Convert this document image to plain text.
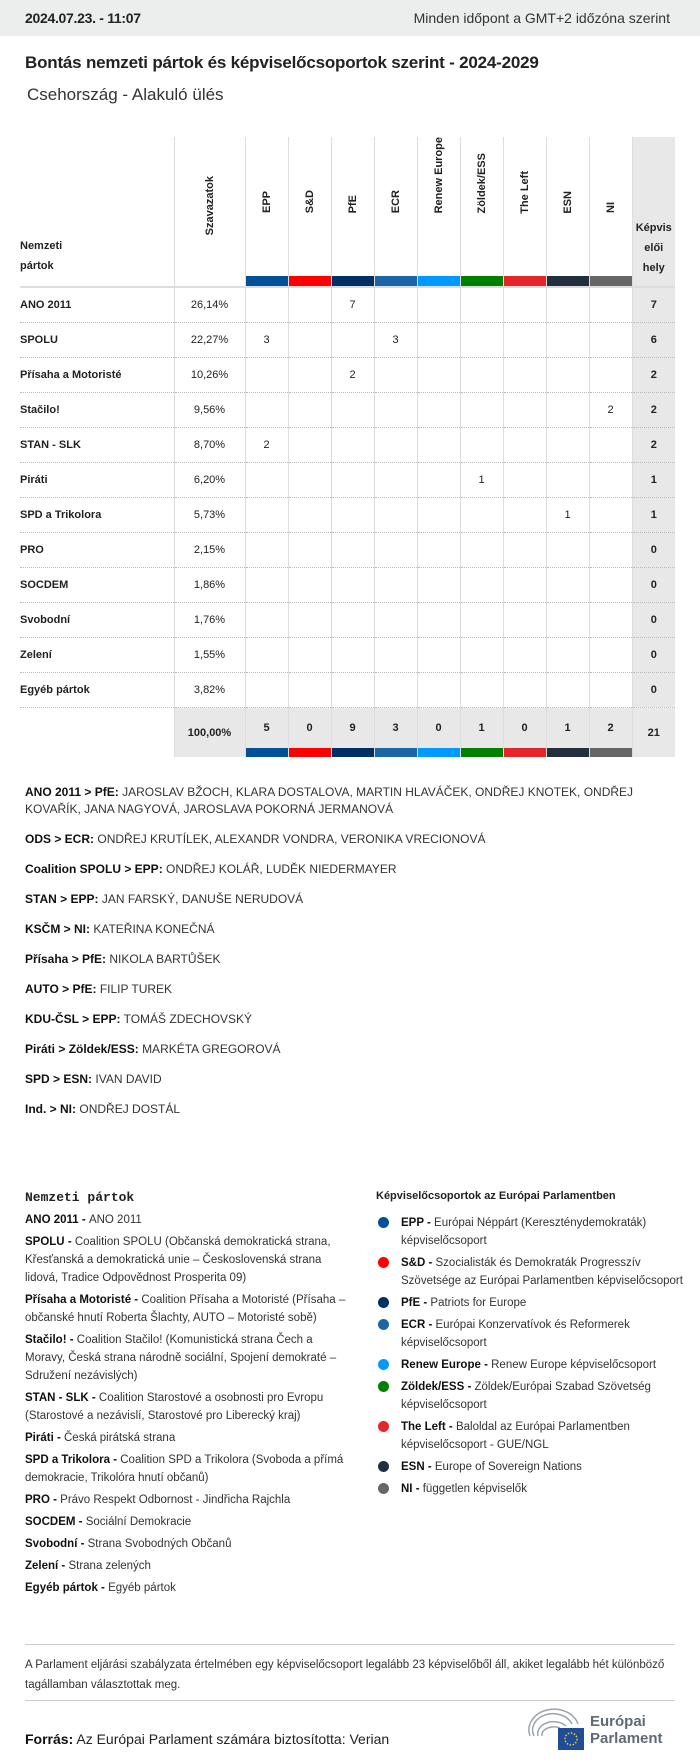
2024.07.23. - 11:07	Minden időpont a GMT+2 időzóna szerint
Bontás nemzeti pártok és képviselőcsoportok szerint - 2024-2029
Csehország - Alakuló ülés
Nemzeti
pártok	Szavazatok	EPP	S&D	PfE	ECR	Renew Europe	Zöldek/ESS	The Left	ESN	NI	Képvis
elői
hely

ANO 2011	26,14%			7							7
SPOLU	22,27%	3			3						6
Přísaha a Motoristé	10,26%			2							2
Stačilo!	9,56%									2	2
STAN - SLK	8,70%	2									2
Piráti	6,20%						1				1
SPD a Trikolora	5,73%								1		1
PRO	2,15%										0
SOCDEM	1,86%										0
Svobodní	1,76%										0
Zelení	1,55%										0
Egyéb pártok	3,82%										0
	100,00%	5	0	9	3	0	1	0	1	2	21

ANO 2011 > PfE: JAROSLAV BŽOCH, KLARA DOSTALOVA, MARTIN HLAVÁČEK, ONDŘEJ KNOTEK, ONDŘEJ KOVAŘÍK, JANA NAGYOVÁ, JAROSLAVA POKORNÁ JERMANOVÁ

ODS > ECR: ONDŘEJ KRUTÍLEK, ALEXANDR VONDRA, VERONIKA VRECIONOVÁ

Coalition SPOLU > EPP: ONDŘEJ KOLÁŘ, LUDĚK NIEDERMAYER

STAN > EPP: JAN FARSKÝ, DANUŠE NERUDOVÁ

KSČM > NI: KATEŘINA KONEČNÁ

Přísaha > PfE: NIKOLA BARTŮŠEK

AUTO > PfE: FILIP TUREK

KDU-ČSL > EPP: TOMÁŠ ZDECHOVSKÝ

Piráti > Zöldek/ESS: MARKÉTA GREGOROVÁ

SPD > ESN: IVAN DAVID

Ind. > NI: ONDŘEJ DOSTÁL

Nemzeti pártok

ANO 2011 - ANO 2011

SPOLU - Coalition SPOLU (Občanská demokratická strana, Křesťanská a demokratická unie – Československá strana lidová, Tradice Odpovědnost Prosperita 09)

Přísaha a Motoristé - Coalition Přísaha a Motoristé (Přísaha – občanské hnutí Roberta Šlachty, AUTO – Motoristé sobě)

Stačilo! - Coalition Stačilo! (Komunistická strana Čech a Moravy, Česká strana národně sociální, Spojení demokraté – Sdružení nezávislých)

STAN - SLK - Coalition Starostové a osobnosti pro Evropu (Starostové a nezávislí, Starostové pro Liberecký kraj)

Piráti - Česká pirátská strana

SPD a Trikolora - Coalition SPD a Trikolora (Svoboda a přímá demokracie, Trikolóra hnutí občanů)

PRO - Právo Respekt Odbornost - Jindřicha Rajchla

SOCDEM - Sociální Demokracie

Svobodní - Strana Svobodných Občanů

Zelení - Strana zelených

Egyéb pártok - Egyéb pártok

Képviselőcsoportok az Európai Parlamentben
EPP - Európai Néppárt (Kereszténydemokraták) képviselőcsoport
S&D - Szocialisták és Demokraták Progresszív Szövetsége az Európai Parlamentben képviselőcsoport
PfE - Patriots for Europe
ECR - Európai Konzervatívok és Reformerek képviselőcsoport
Renew Europe - Renew Europe képviselőcsoport
Zöldek/ESS - Zöldek/Európai Szabad Szövetség képviselőcsoport
The Left - Baloldal az Európai Parlamentben képviselőcsoport - GUE/NGL
ESN - Europe of Sovereign Nations
NI - független képviselők
A Parlament eljárási szabályzata értelmében egy képviselőcsoport legalább 23 képviselőből áll, akiket legalább hét különböző tagállamban választottak meg.
Forrás: Az Európai Parlament számára biztosította: Verian
Európai
Parlament
